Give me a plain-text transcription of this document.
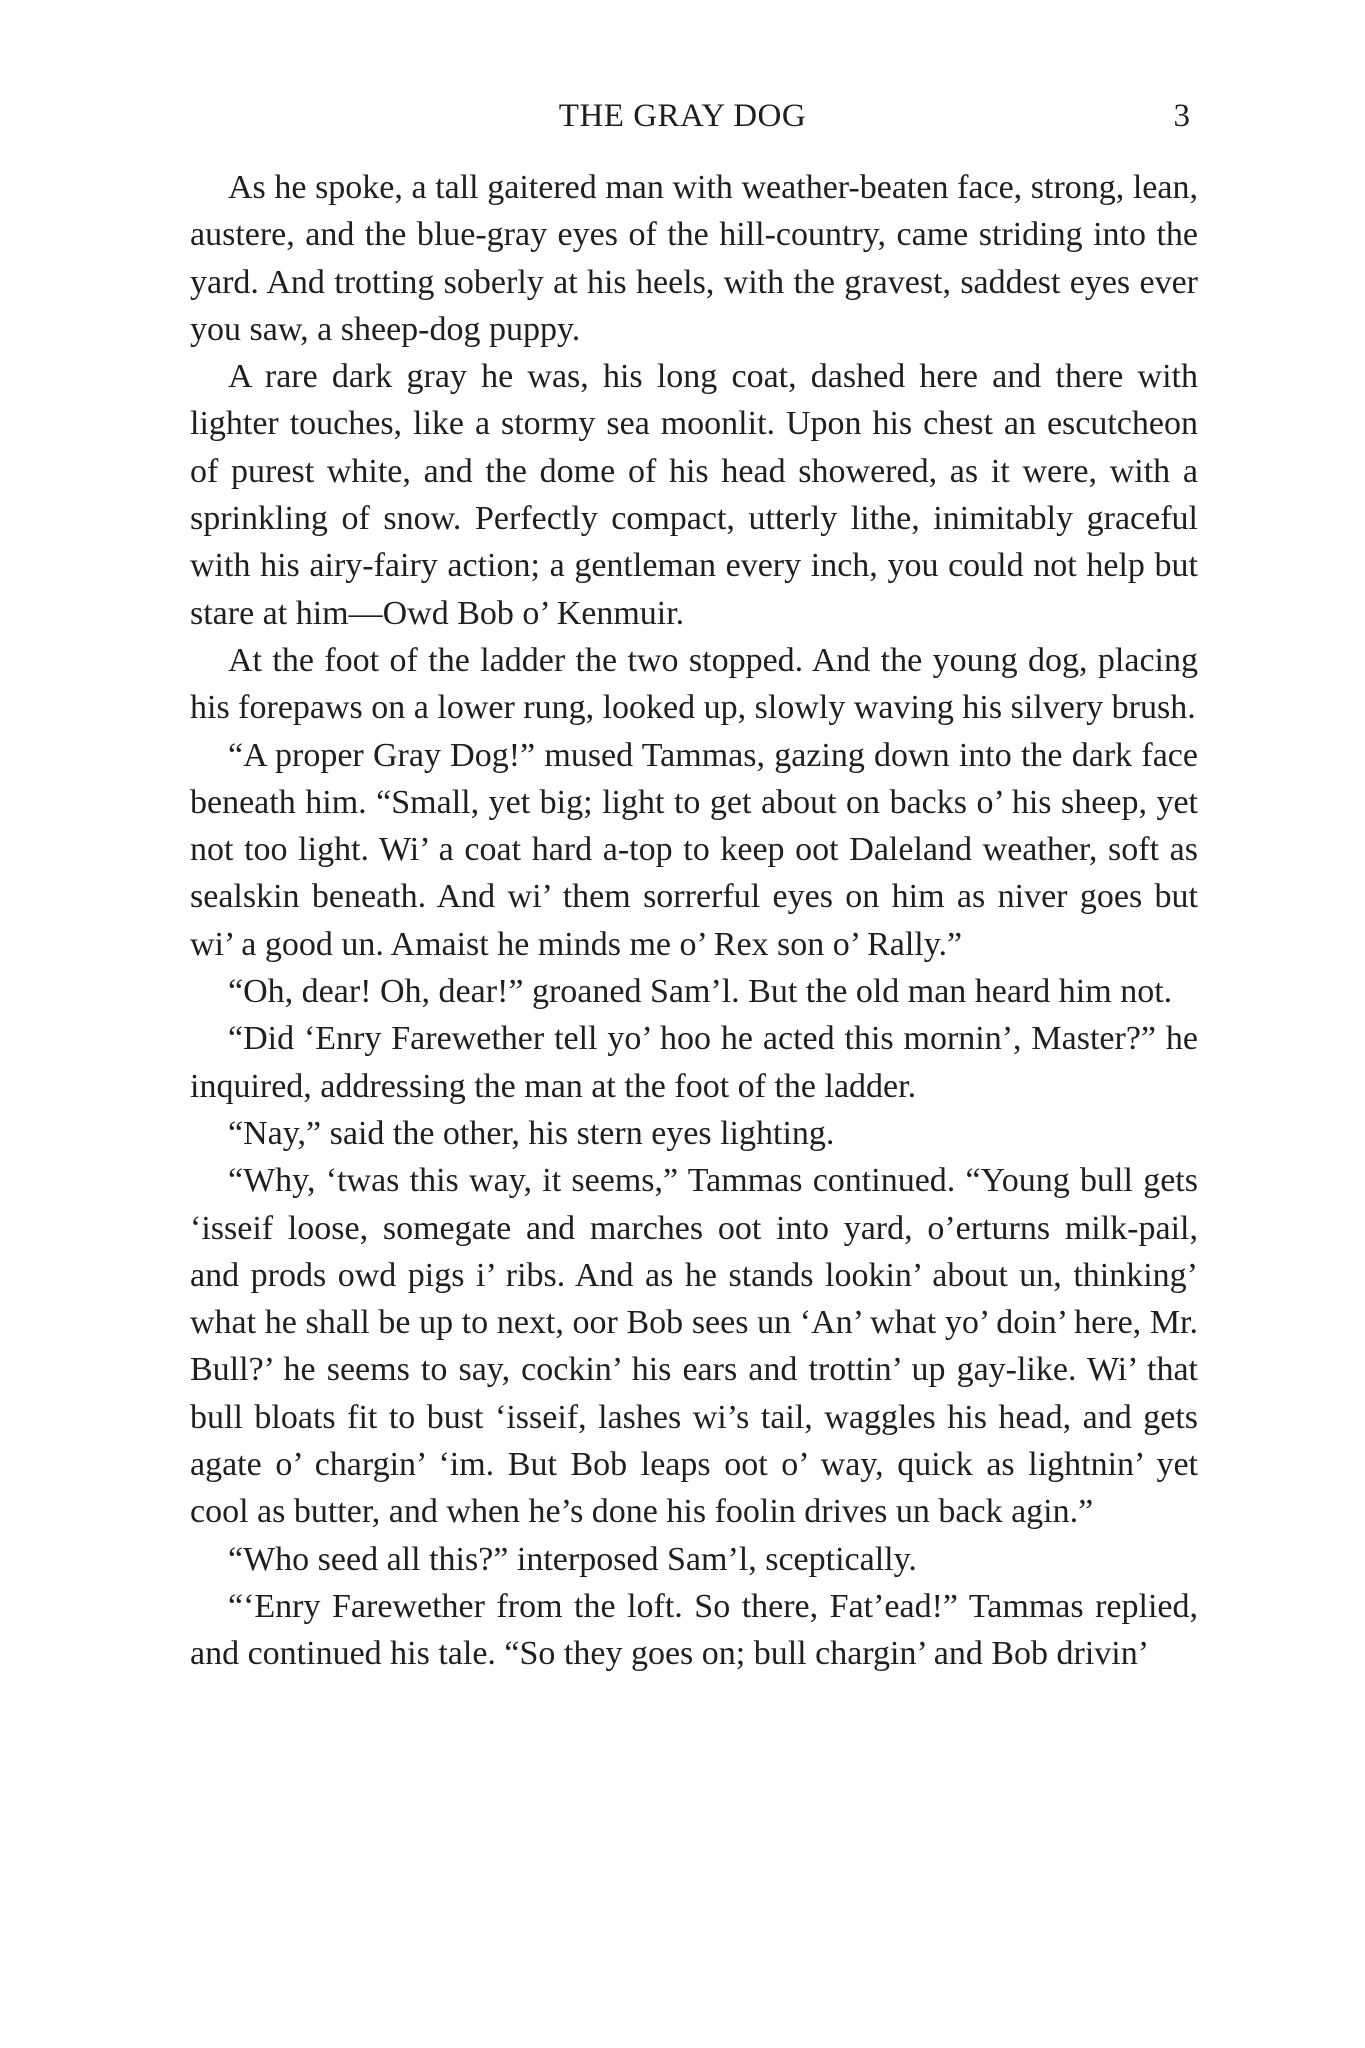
THE GRAY DOG	3

As he spoke, a tall gaitered man with weather-beaten face, strong, lean, austere, and the blue-gray eyes of the hill-country, came striding into the yard. And trotting soberly at his heels, with the gravest, saddest eyes ever you saw, a sheep-dog puppy.

A rare dark gray he was, his long coat, dashed here and there with lighter touches, like a stormy sea moonlit. Upon his chest an escutcheon of purest white, and the dome of his head showered, as it were, with a sprinkling of snow. Perfectly compact, utterly lithe, inimitably graceful with his airy-fairy action; a gentleman every inch, you could not help but stare at him—Owd Bob o’ Kenmuir.

At the foot of the ladder the two stopped. And the young dog, placing his forepaws on a lower rung, looked up, slowly waving his silvery brush.

“A proper Gray Dog!” mused Tammas, gazing down into the dark face beneath him. “Small, yet big; light to get about on backs o’ his sheep, yet not too light. Wi’ a coat hard a-top to keep oot Daleland weather, soft as sealskin beneath. And wi’ them sorrerful eyes on him as niver goes but wi’ a good un. Amaist he minds me o’ Rex son o’ Rally.”

“Oh, dear! Oh, dear!” groaned Sam’l. But the old man heard him not.

“Did ‘Enry Farewether tell yo’ hoo he acted this mornin’, Master?” he inquired, addressing the man at the foot of the ladder.

“Nay,” said the other, his stern eyes lighting.

“Why, ‘twas this way, it seems,” Tammas continued. “Young bull gets ‘isseif loose, somegate and marches oot into yard, o’erturns milk-pail, and prods owd pigs i’ ribs. And as he stands lookin’ about un, thinking’ what he shall be up to next, oor Bob sees un ‘An’ what yo’ doin’ here, Mr. Bull?’ he seems to say, cockin’ his ears and trottin’ up gay-like. Wi’ that bull bloats fit to bust ‘isseif, lashes wi’s tail, waggles his head, and gets agate o’ chargin’ ‘im. But Bob leaps oot o’ way, quick as lightnin’ yet cool as butter, and when he’s done his foolin drives un back agin.”

“Who seed all this?” interposed Sam’l, sceptically.

“‘Enry Farewether from the loft. So there, Fat’ead!” Tammas replied, and continued his tale. “So they goes on; bull chargin’ and Bob drivin’
